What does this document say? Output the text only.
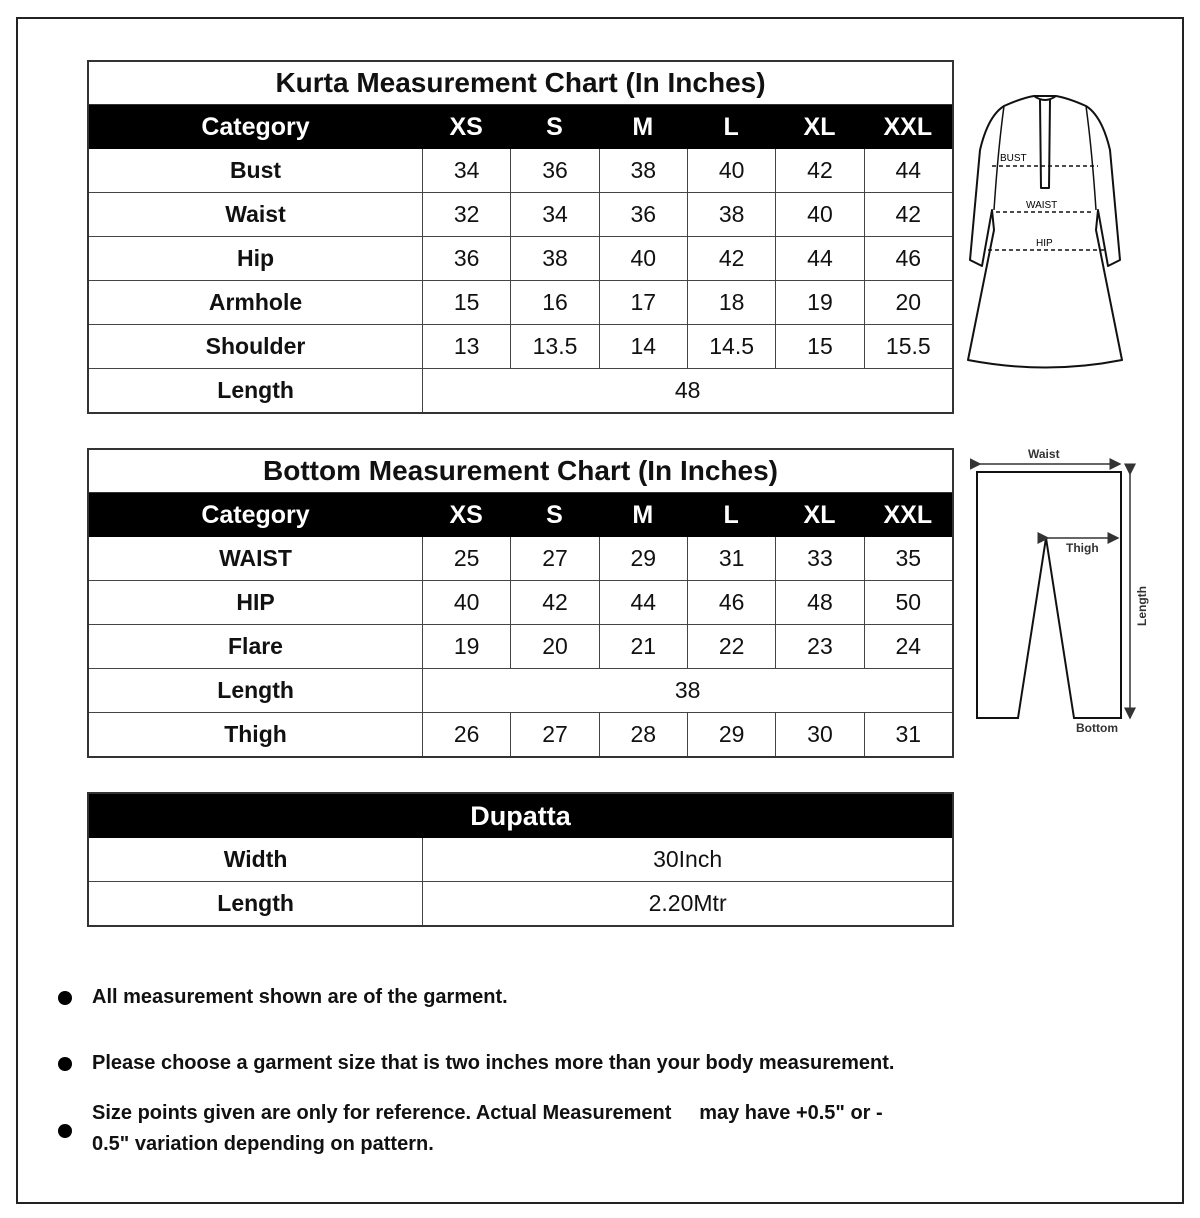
Kurta Measurement Chart (In Inches)
Category	XS	S	M	L	XL	XXL
Bust	34	36	38	40	42	44
Waist	32	34	36	38	40	42
Hip	36	38	40	42	44	46
Armhole	15	16	17	18	19	20
Shoulder	13	13.5	14	14.5	15	15.5
Length	48
BUST
WAIST
HIP
Bottom Measurement Chart (In Inches)
Category	XS	S	M	L	XL	XXL
WAIST	25	27	29	31	33	35
HIP	40	42	44	46	48	50
Flare	19	20	21	22	23	24
Length	38
Thigh	26	27	28	29	30	31
Waist
Thigh
Length
Bottom
Dupatta
Width	30Inch
Length	2.20Mtr
All measurement shown are of the garment.
Please choose a garment size that is two inches more than your body measurement.
Size points given are only for reference. Actual Measurement     may have +0.5" or -
0.5" variation depending on pattern.
